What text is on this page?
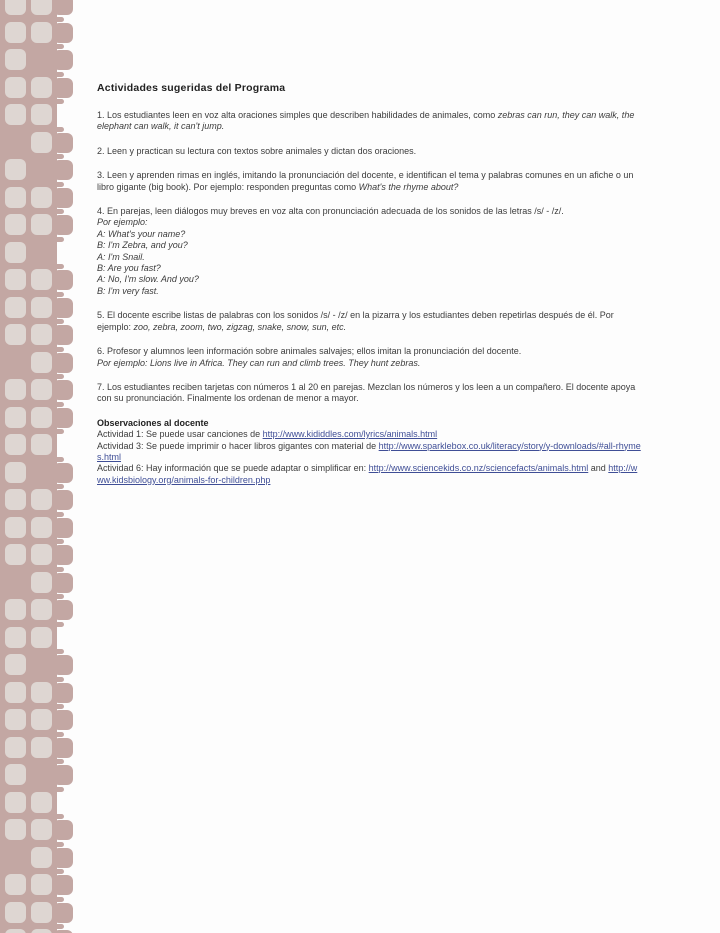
Actividades sugeridas del Programa

1. Los estudiantes leen en voz alta oraciones simples que describen habilidades de animales, como zebras can run, they can walk, the elephant can walk, it can't jump.

2. Leen y practican su lectura con textos sobre animales y dictan dos oraciones.

3. Leen y aprenden rimas en inglés, imitando la pronunciación del docente, e identifican el tema y palabras comunes en un afiche o un libro gigante (big book). Por ejemplo: responden preguntas como What's the rhyme about?

4. En parejas, leen diálogos muy breves en voz alta con pronunciación adecuada de los sonidos de las letras /s/ - /z/.
Por ejemplo:
A: What's your name?
B: I'm Zebra, and you?
A: I'm Snail.
B: Are you fast?
A: No, I'm slow. And you?
B: I'm very fast.

5. El docente escribe listas de palabras con los sonidos /s/ - /z/ en la pizarra y los estudiantes deben repetirlas después de él. Por ejemplo: zoo, zebra, zoom, two, zigzag, snake, snow, sun, etc.

6. Profesor y alumnos leen información sobre animales salvajes; ellos imitan la pronunciación del docente.
Por ejemplo: Lions live in Africa. They can run and climb trees. They hunt zebras.

7. Los estudiantes reciben tarjetas con números 1 al 20 en parejas. Mezclan los números y los leen a un compañero. El docente apoya con su pronunciación. Finalmente los ordenan de menor a mayor.

Observaciones al docente

Actividad 1: Se puede usar canciones de http://www.kididdles.com/lyrics/animals.html

Actividad 3: Se puede imprimir o hacer libros gigantes con material de http://www.sparklebox.co.uk/literacy/story/y-downloads/#all-rhymes.html

Actividad 6: Hay información que se puede adaptar o simplificar en: http://www.sciencekids.co.nz/sciencefacts/animals.html and http://www.kidsbiology.org/animals-for-children.php
